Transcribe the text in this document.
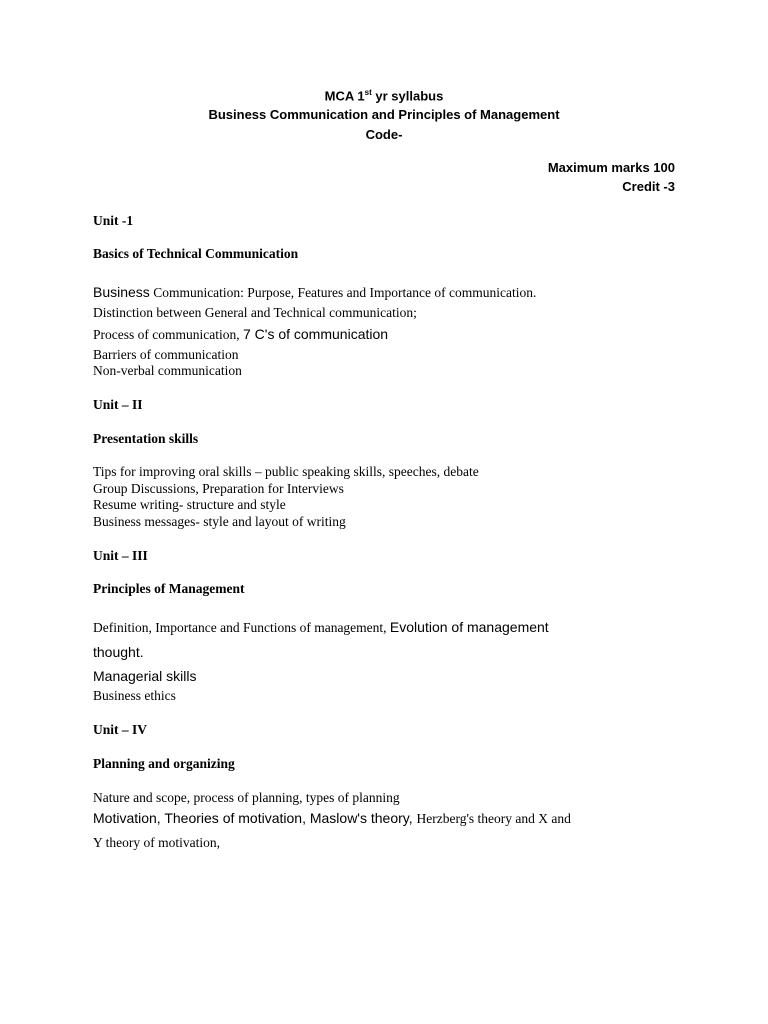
MCA 1st yr syllabus
Business Communication and Principles of Management
Code-
Maximum marks 100
Credit -3
Unit -1
Basics of Technical Communication
Business Communication: Purpose, Features and Importance of communication.
Distinction between General and Technical communication;
Process of communication, 7 C's of communication
Barriers of communication
Non-verbal communication
Unit – II
Presentation skills
Tips for improving oral skills – public speaking skills, speeches, debate
Group Discussions, Preparation for Interviews
Resume writing- structure and style
Business messages- style and layout of writing
Unit – III
Principles of Management
Definition, Importance and Functions of management, Evolution of management
thought.
Managerial skills
Business ethics
Unit – IV
Planning and organizing
Nature and scope, process of planning, types of planning
Motivation, Theories of motivation, Maslow's theory, Herzberg's theory and X and
Y theory of motivation,
